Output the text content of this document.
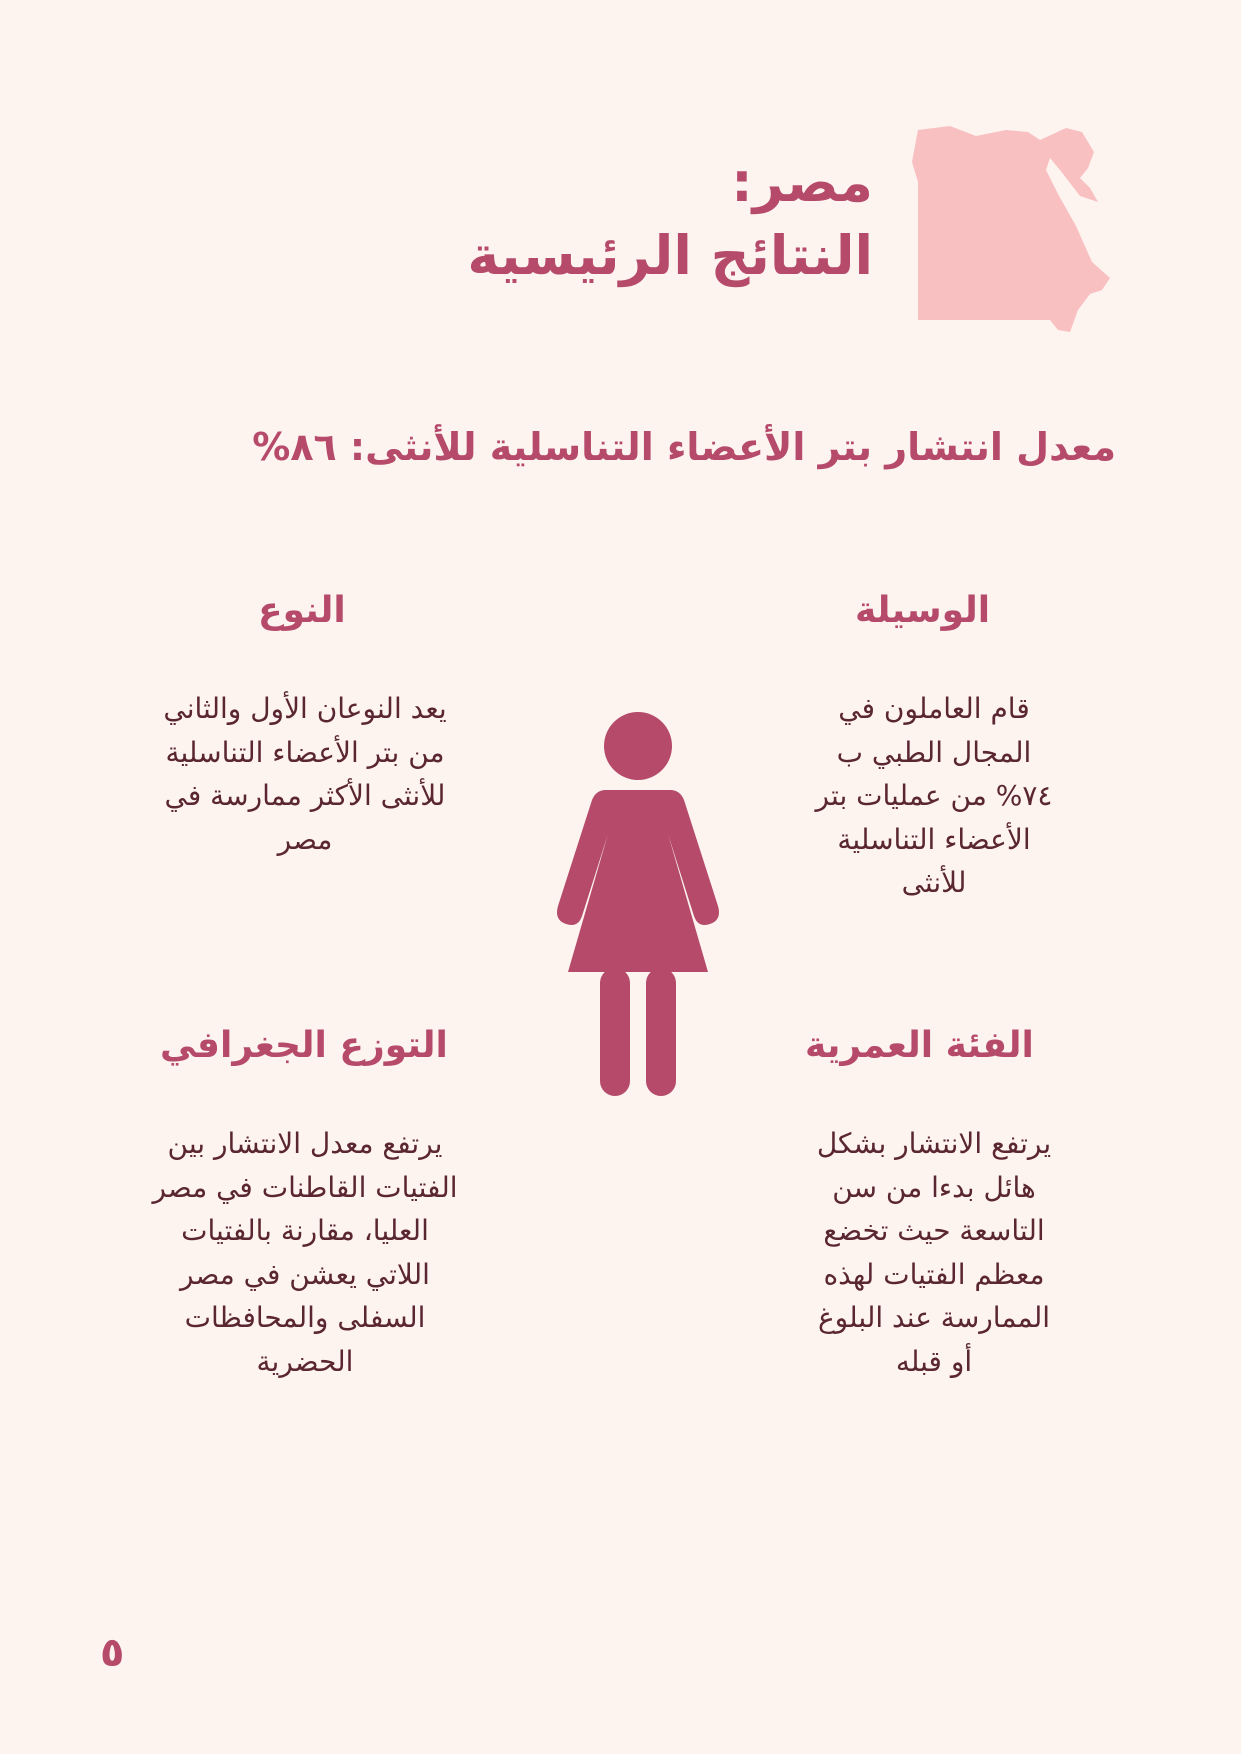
مصر:
النتائج الرئيسية
معدل انتشار بتر الأعضاء التناسلية للأنثى: ٨٦%
الوسيلة
قام العاملون في
المجال الطبي ب
٧٤% من عمليات بتر
الأعضاء التناسلية
للأنثى
النوع
يعد النوعان الأول والثاني
من بتر الأعضاء التناسلية
للأنثى الأكثر ممارسة في
مصر
الفئة العمرية
يرتفع الانتشار بشكل
هائل بدءا من سن
التاسعة حيث تخضع
معظم الفتيات لهذه
الممارسة عند البلوغ
أو قبله
التوزع الجغرافي
يرتفع معدل الانتشار بين
الفتيات القاطنات في مصر
العليا، مقارنة بالفتيات
اللاتي يعشن في مصر
السفلى والمحافظات
الحضرية
٥
